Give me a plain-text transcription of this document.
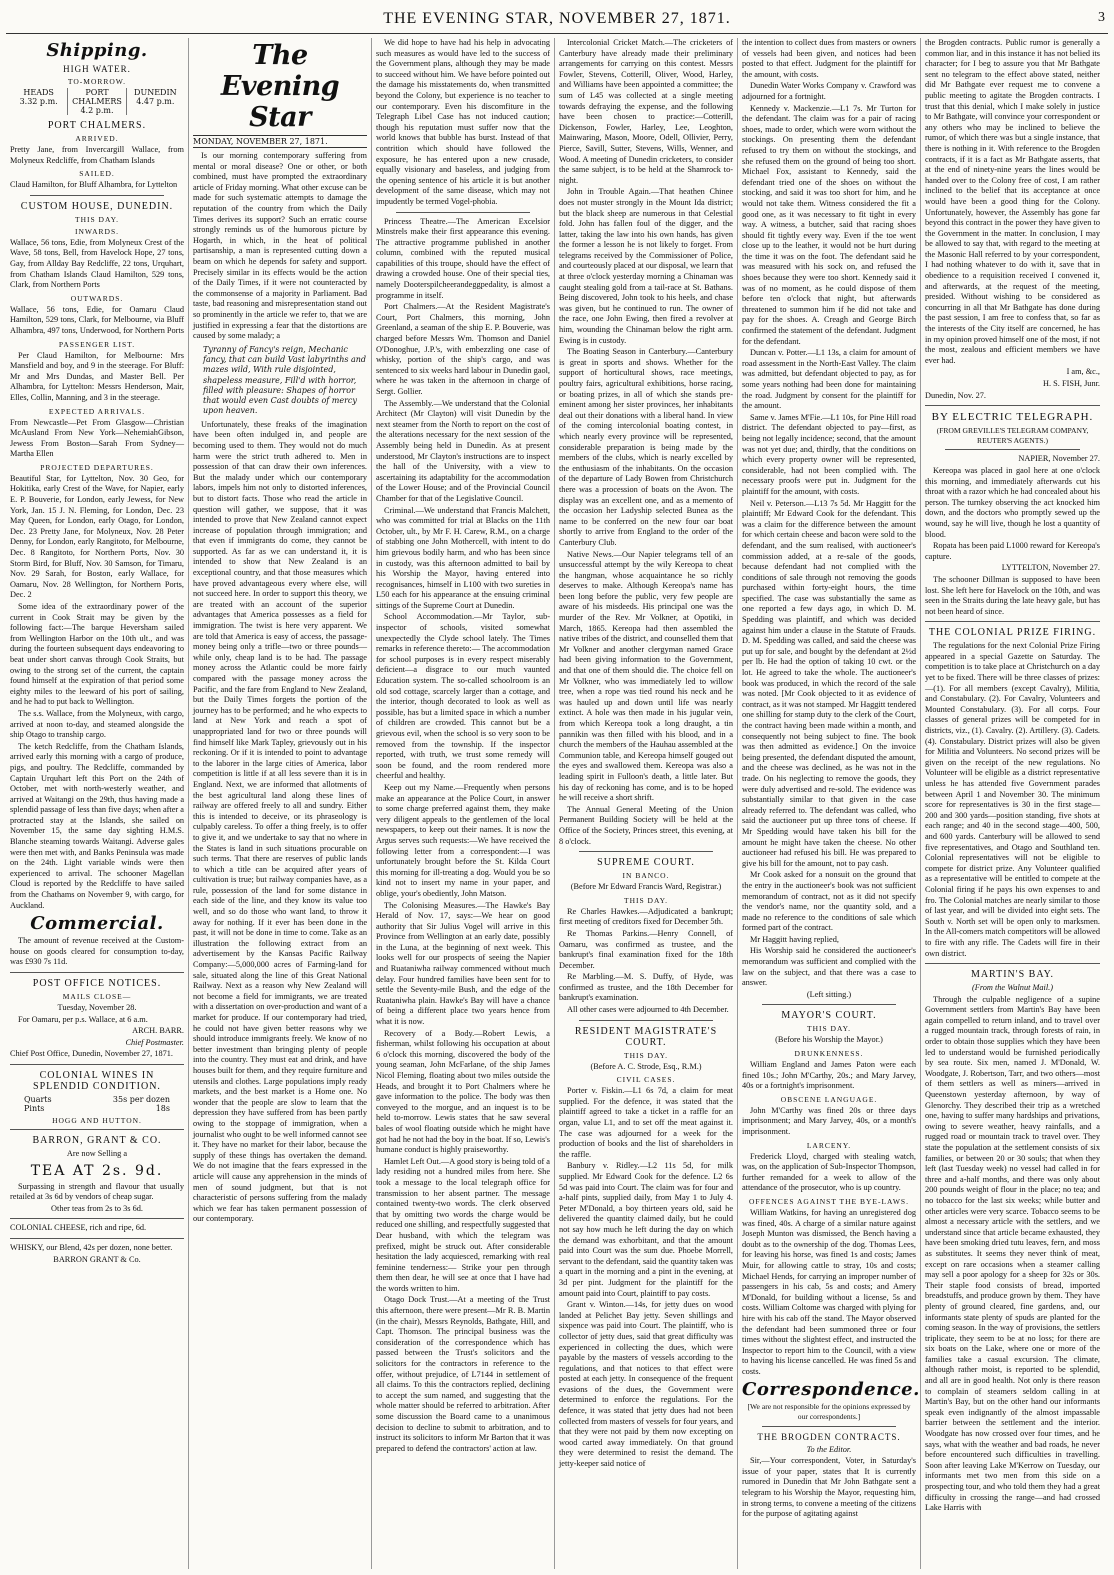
THE EVENING STAR, NOVEMBER 27, 1871.	3
Shipping.
HIGH WATER.
TO-MORROW.
HEADS
3.32 p.m.
PORT CHALMERS
4.2 p.m.
DUNEDIN
4.47 p.m.
PORT CHALMERS.
ARRIVED.

Pretty Jane, from Invercargill Wallace, from Molyneux Redcliffe, from Chatham Islands

SAILED.

Claud Hamilton, for Bluff Alhambra, for Lyttelton

CUSTOM HOUSE, DUNEDIN.
THIS DAY.
INWARDS.

Wallace, 56 tons, Edie, from Molyneux Crest of the Wave, 58 tons, Bell, from Havelock Hope, 27 tons, Gay, from Allday Bay Redcliffe, 22 tons, Urquhart, from Chatham Islands Claud Hamilton, 529 tons, Clark, from Northern Ports

OUTWARDS.

Wallace, 56 tons, Edie, for Oamaru Claud Hamilton, 529 tons, Clark, for Melbourne, via Bluff Alhambra, 497 tons, Underwood, for Northern Ports

PASSENGER LIST.

Per Claud Hamilton, for Melbourne: Mrs Mansfield and boy, and 9 in the steerage. For Bluff: Mr and Mrs Dundas, and Master Bell. Per Alhambra, for Lyttelton: Messrs Henderson, Mair, Elles, Collin, Manning, and 3 in the steerage.

EXPECTED ARRIVALS.

From Newcastle—Pet From Glasgow—Christian McAusland From New York—NehemiahGibson, Jewess From Boston—Sarah From Sydney—Martha Ellen

PROJECTED DEPARTURES.

Beautiful Star, for Lyttelton, Nov. 30 Geo, for Hokitika, early Crest of the Wave, for Napier, early E. P. Bouverie, for London, early Jewess, for New York, Jan. 15 J. N. Fleming, for London, Dec. 23 May Queen, for London, early Otago, for London, Dec. 23 Pretty Jane, for Molyneux, Nov. 28 Peter Denny, for London, early Rangitoto, for Melbourne, Dec. 8 Rangitoto, for Northern Ports, Nov. 30 Storm Bird, for Bluff, Nov. 30 Samson, for Timaru, Nov. 29 Sarah, for Boston, early Wallace, for Oamaru, Nov. 28 Wellington, for Northern Ports, Dec. 2

Some idea of the extraordinary power of the current in Cook Strait may be given by the following fact:—The barque Heversham sailed from Wellington Harbor on the 10th ult., and was during the fourteen subsequent days endeavoring to beat under short canvas through Cook Straits, but owing to the strong set of the current, the captain found himself at the expiration of that period some eighty miles to the leeward of his port of sailing, and he had to put back to Wellington.

The s.s. Wallace, from the Molyneux, with cargo, arrived at noon to-day, and steamed alongside the ship Otago to tranship cargo.

The ketch Redcliffe, from the Chatham Islands, arrived early this morning with a cargo of produce, pigs, and poultry. The Redcliffe, commanded by Captain Urquhart left this Port on the 24th of October, met with north-westerly weather, and arrived at Waitangi on the 29th, thus having made a splendid passage of less than five days; when after a protracted stay at the Islands, she sailed on November 15, the same day sighting H.M.S. Blanche steaming towards Waitangi. Adverse gales were then met with, and Banks Peninsula was made on the 24th. Light variable winds were then experienced to arrival. The schooner Magellan Cloud is reported by the Redcliffe to have sailed from the Chathams on November 9, with cargo, for Auckland.

Commercial.

The amount of revenue received at the Custom-house on goods cleared for consumption to-day, was £930 7s 11d.

POST OFFICE NOTICES.
MAILS CLOSE—

Tuesday, November 28.

For Oamaru, per p.s. Wallace, at 6 a.m.

ARCH. BARR.

Chief Postmaster.

Chief Post Office, Dunedin, November 27, 1871.

COLONIAL WINES IN SPLENDID CONDITION.
Quarts	35s per dozen
Pints	18s
HOGG AND HUTTON.
BARRON, GRANT & CO.

Are now Selling a

TEA AT 2s. 9d.

Surpassing in strength and flavour that usually retailed at 3s 6d by vendors of cheap sugar.

Other teas from 2s to 3s 6d.

COLONIAL CHEESE, rich and ripe, 6d.

WHISKY, our Blend, 42s per dozen, none better.

BARRON GRANT & Co.

The Evening Star
MONDAY, NOVEMBER 27, 1871.

Is our morning contemporary suffering from mental or moral disease? One or other, or both combined, must have prompted the extraordinary article of Friday morning. What other excuse can be made for such systematic attempts to damage the reputation of the country from which the Daily Times derives its support? Such an erratic course strongly reminds us of the humorous picture by Hogarth, in which, in the heat of political partisanship, a man is represented cutting down a beam on which he depends for safety and support. Precisely similar in its effects would be the action of the Daily Times, if it were not counteracted by the commonsense of a majority in Parliament. Bad taste, bad reasoning and misrepresentation stand out so prominently in the article we refer to, that we are justified in expressing a fear that the distortions are caused by some malady; a

Tyranny of Fancy's reign, Mechanic fancy, that can build Vast labyrinths and mazes wild, With rule disjointed, shapeless measure, Fill'd with horror, filled with pleasure: Shapes of horror that would even Cast doubts of mercy upon heaven.

Unfortunately, these freaks of the imagination have been often indulged in, and people are becoming used to them. They would not do much harm were the strict truth adhered to. Men in possession of that can draw their own inferences. But the malady under which our contemporary labors, impels him not only to distorted inferences, but to distort facts. Those who read the article in question will gather, we suppose, that it was intended to prove that New Zealand cannot expect increase of population through immigration; and that even if immigrants do come, they cannot be supported. As far as we can understand it, it is intended to show that New Zealand is an exceptional country, and that those measures which have proved advantageous every where else, will not succeed here. In order to support this theory, we are treated with an account of the superior advantages that America possesses as a field for immigration. The twist is here very apparent. We are told that America is easy of access, the passage-money being only a trifle—two or three pounds—while only, cheap land is to be had. The passage money across the Atlantic could be more fairly compared with the passage money across the Pacific, and the fare from England to New Zealand, but the Daily Times forgets the portion of the journey has to be performed; and he who expects to land at New York and reach a spot of unappropriated land for two or three pounds will find himself like Mark Tapley, grievously out in his reckoning. Or if it is intended to point to advantage to the laborer in the large cities of America, labor competition is little if at all less severe than it is in England. Next, we are informed that allotments of the best agricultural land along these lines of railway are offered freely to all and sundry. Either this is intended to deceive, or its phraseology is culpably careless. To offer a thing freely, is to offer to give it, and we undertake to say that no where in the States is land in such situations procurable on such terms. That there are reserves of public lands to which a title can be acquired after years of cultivation is true; but railway companies have, as a rule, possession of the land for some distance in each side of the line, and they know its value too well, and so do those who want land, to throw it away for nothing. If it ever has been done in the past, it will not be done in time to come. Take as an illustration the following extract from an advertisement by the Kansas Pacific Railway Company:—5,000,000 acres of Farming-land for sale, situated along the line of this Great National Railway. Next as a reason why New Zealand will not become a field for immigrants, we are treated with a dissertation on over-production and want of a market for produce. If our contemporary had tried, he could not have given better reasons why we should introduce immigrants freely. We know of no better investment than bringing plenty of people into the country. They must eat and drink, and have houses built for them, and they require furniture and utensils and clothes. Large populations imply ready markets, and the best market is a Home one. No wonder that the people are slow to learn that the depression they have suffered from has been partly owing to the stoppage of immigration, when a journalist who ought to be well informed cannot see it. They have no market for their labor, because the supply of these things has overtaken the demand. We do not imagine that the fears expressed in the article will cause any apprehension in the minds of men of sound judgment, but that is not characteristic of persons suffering from the malady which we fear has taken permanent possession of our contemporary.

We did hope to have had his help in advocating such measures as would have led to the success of the Government plans, although they may be made to succeed without him. We have before pointed out the damage his misstatements do, when transmitted beyond the Colony, but experience is no teacher to our contemporary. Even his discomfiture in the Telegraph Libel Case has not induced caution; though his reputation must suffer now that the world knows that bubble has burst. Instead of that contrition which should have followed the exposure, he has entered upon a new crusade, equally visionary and baseless, and judging from the opening sentence of his article it is but another development of the same disease, which may not impudently be termed Vogel-phobia.

Princess Theatre.—The American Excelsior Minstrels make their first appearance this evening. The attractive programme published in another column, combined with the reputed musical capabilities of this troupe, should have the effect of drawing a crowded house. One of their special ties, namely Dooterspilcheerandeggpedality, is almost a programme in itself.

Port Chalmers.—At the Resident Magistrate's Court, Port Chalmers, this morning, John Greenland, a seaman of the ship E. P. Bouverie, was charged before Messrs Wm. Thomson and Daniel O'Donoghue, J.P.'s, with embezzling one case of whisky, portion of the ship's cargo, and was sentenced to six weeks hard labour in Dunedin gaol, where he was taken in the afternoon in charge of Sergt. Gollier.

The Assembly.—We understand that the Colonial Architect (Mr Clayton) will visit Dunedin by the next steamer from the North to report on the cost of the alterations necessary for the next session of the Assembly being held in Dunedin. As at present understood, Mr Clayton's instructions are to inspect the hall of the University, with a view to ascertaining its adaptability for the accommodation of the Lower House; and of the Provincial Council Chamber for that of the Legislative Council.

Criminal.—We understand that Francis Malchett, who was committed for trial at Blacks on the 11th October, ult., by Mr F. H. Carew, R.M., on a charge of stabbing one John Mothercell, with intent to do him grievous bodily harm, and who has been since in custody, was this afternoon admitted to bail by his Worship the Mayor, having entered into recognisances, himself in L100 with two sureties in L50 each for his appearance at the ensuing criminal sittings of the Supreme Court at Dunedin.

School Accommodation.—Mr Taylor, sub-inspector of schools, visited somewhat unexpectedly the Clyde school lately. The Times remarks in reference thereto:— The accommodation for school purposes is in every respect miserably deficient—a disgrace to our much vaunted Education system. The so-called schoolroom is an old sod cottage, scarcely larger than a cottage, and the interior, though decorated to look as well as possible, has but a limited space in which a number of children are crowded. This cannot but be a grievous evil, when the school is so very soon to be removed from the township. If the inspector reported, with truth, we trust some remedy will soon be found, and the room rendered more cheerful and healthy.

Keep out my Name.—Frequently when persons make an appearance at the Police Court, in answer to some charge preferred against them, they make very diligent appeals to the gentlemen of the local newspapers, to keep out their names. It is now the Argus serves such requests:—We have received the following letter from a correspondent:—I was unfortunately brought before the St. Kilda Court this morning for ill-treating a dog. Would you be so kind not to insert my name in your paper, and oblige, your's obediently, John Matson.

The Colonising Measures.—The Hawke's Bay Herald of Nov. 17, says:—We hear on good authority that Sir Julius Vogel will arrive in this Province from Wellington at an early date, possibly in the Luna, at the beginning of next week. This looks well for our prospects of seeing the Napier and Ruataniwha railway commenced without much delay. Four hundred families have been sent for to settle the Seventy-mile Bush, and the edge of the Ruataniwha plain. Hawke's Bay will have a chance of being a different place two years hence from what it is now.

Recovery of a Body.—Robert Lewis, a fisherman, whilst following his occupation at about 6 o'clock this morning, discovered the body of the young seaman, John McFarlane, of the ship James Nicol Fleming, floating about two miles outside the Heads, and brought it to Port Chalmers where he gave information to the police. The body was then conveyed to the morgue, and an inquest is to be held to-morrow. Lewis states that he saw several bales of wool floating outside which he might have got had he not had the boy in the boat. If so, Lewis's humane conduct is highly praiseworthy.

Hamlet Left Out.—A good story is being told of a lady residing not a hundred miles from here. She took a message to the local telegraph office for transmission to her absent partner. The message contained twenty-two words. The clerk observed that by omitting two words the charge would be reduced one shilling, and respectfully suggested that Dear husband, with which the telegram was prefixed, might be struck out. After considerable hesitation the lady acquiesced, remarking with real feminine tenderness:— Strike your pen through them then dear, he will see at once that I have had the words written to him.

Otago Dock Trust.—At a meeting of the Trust this afternoon, there were present—Mr R. B. Martin (in the chair), Messrs Reynolds, Bathgate, Hill, and Capt. Thomson. The principal business was the consideration of the correspondence which has passed between the Trust's solicitors and the solicitors for the contractors in reference to the offer, without prejudice, of L7144 in settlement of all claims. To this the contractors replied, declining to accept the sum named, and suggesting that the whole matter should be referred to arbitration. After some discussion the Board came to a unanimous decision to decline to submit to arbitration, and to instruct its solicitors to inform Mr Barton that it was prepared to defend the contractors' action at law.

Intercolonial Cricket Match.—The cricketers of Canterbury have already made their preliminary arrangements for carrying on this contest. Messrs Fowler, Stevens, Cotterill, Oliver, Wood, Harley, and Williams have been appointed a committee; the sum of L45 was collected at a single meeting towards defraying the expense, and the following have been chosen to practice:—Cotterill, Dickenson, Fowler, Harley, Lee, Leoghton, Mainwaring, Mason, Moore, Odell, Ollivier, Perry, Pierce, Savill, Sutter, Stevens, Wills, Wenner, and Wood. A meeting of Dunedin cricketers, to consider the same subject, is to be held at the Shamrock to-night.

John in Trouble Again.—That heathen Chinee does not muster strongly in the Mount Ida district; but the black sheep are numerous in that Celestial fold. John has fallen foul of the digger, and the latter, taking the law into his own hands, has given the former a lesson he is not likely to forget. From telegrams received by the Commissioner of Police, and courteously placed at our disposal, we learn that at three o'clock yesterday morning a Chinaman was caught stealing gold from a tail-race at St. Bathans. Being discovered, John took to his heels, and chase was given, but he continued to run. The owner of the race, one John Ewing, then fired a revolver at him, wounding the Chinaman below the right arm. Ewing is in custody.

The Boating Season in Canterbury.—Canterbury is great in sports and shows. Whether for the support of horticultural shows, race meetings, poultry fairs, agricultural exhibitions, horse racing, or boating prizes, in all of which she stands pre-eminent among her sister provinces, her inhabitants deal out their donations with a liberal hand. In view of the coming intercolonial boating contest, in which nearly every province will be represented, considerable preparation is being made by the members of the clubs, which is nearly excelled by the enthusiasm of the inhabitants. On the occasion of the departure of Lady Bowen from Christchurch there was a procession of boats on the Avon. The display was an excellent one, and as a memento of the occasion her Ladyship selected Bunea as the name to be conferred on the new four oar boat shortly to arrive from England to the order of the Canterbury Club.

Native News.—Our Napier telegrams tell of an unsuccessful attempt by the wily Kereopa to cheat the hangman, whose acquaintance he so richly deserves to make. Although Kereopa's name has been long before the public, very few people are aware of his misdeeds. His principal one was the murder of the Rev. Mr Volkner, at Opotiki, in March, 1865. Kereopa had then assembled the native tribes of the district, and counselled them that Mr Volkner and another clergyman named Grace had been giving information to the Government, and that one of them should die. The choice fell on Mr Volkner, who was immediately led to willow tree, when a rope was tied round his neck and he was hauled up and down until life was nearly extinct. A hole was then made in his jugular vein, from which Kereopa took a long draught, a tin pannikin was then filled with his blood, and in a church the members of the Hauhau assembled at the Communion table, and Kereopa himself gouged out the eyes and swallowed them. Kereopa was also a leading spirit in Fulloon's death, a little later. But his day of reckoning has come, and is to be hoped he will receive a short shrift.

The Annual General Meeting of the Union Permanent Building Society will be held at the Office of the Society, Princes street, this evening, at 8 o'clock.

SUPREME COURT.
IN BANCO.

(Before Mr Edward Francis Ward, Registrar.)

THIS DAY.

Re Charles Hawkes.—Adjudicated a bankrupt; first meeting of creditors fixed for December 5th.

Re Thomas Parkins.—Henry Connell, of Oamaru, was confirmed as trustee, and the bankrupt's final examination fixed for the 18th December.

Re Marbling.—M. S. Duffy, of Hyde, was confirmed as trustee, and the 18th December for bankrupt's examination.

All other cases were adjourned to 4th December.

RESIDENT MAGISTRATE'S COURT.
THIS DAY.

(Before A. C. Strode, Esq., R.M.)

CIVIL CASES.

Porter v. Fiskin.—L1 6s 7d, a claim for meat supplied. For the defence, it was stated that the plaintiff agreed to take a ticket in a raffle for an organ, value L1, and to set off the meat against it. The case was adjourned for a week for the production of books and the list of shareholders in the raffle.

Banbury v. Ridley.—L2 11s 5d, for milk supplied. Mr Edward Cook for the defence. L2 6s 5d was paid into Court. The claim was for four and a-half pints, supplied daily, from May 1 to July 4. Peter M'Donald, a boy thirteen years old, said he delivered the quantity claimed daily, but he could not say how much he left during the day on which the demand was exhorbitant, and that the amount paid into Court was the sum due. Phoebe Morrell, servant to the defendant, said the quantity taken was a quart in the morning and a pint in the evening, at 3d per pint. Judgment for the plaintiff for the amount paid into Court, plaintiff to pay costs.

Grant v. Winton.—14s, for jetty dues on wood landed at Pelichet Bay jetty. Seven shillings and sixpence was paid into Court. The plaintiff, who is collector of jetty dues, said that great difficulty was experienced in collecting the dues, which were payable by the masters of vessels according to the regulations, and that notices to that effect were posted at each jetty. In consequence of the frequent evasions of the dues, the Government were determined to enforce the regulations. For the defence, it was stated that jetty dues had not been collected from masters of vessels for four years, and that they were not paid by them now excepting on wood carted away immediately. On that ground they were determined to resist the demand. The jetty-keeper said notice of

the intention to collect dues from masters or owners of vessels had been given, and notices had been posted to that effect. Judgment for the plaintiff for the amount, with costs.

Dunedin Water Works Company v. Crawford was adjourned for a fortnight.

Kennedy v. Mackenzie.—L1 7s. Mr Turton for the defendant. The claim was for a pair of racing shoes, made to order, which were worn without the stockings. On presenting them the defendant refused to try them on without the stockings, and she refused them on the ground of being too short. Michael Fox, assistant to Kennedy, said the defendant tried one of the shoes on without the stocking, and said it was too short for him, and he would not take them. Witness considered the fit a good one, as it was necessary to fit tight in every way. A witness, a butcher, said that racing shoes should fit tightly every way. Even if the toe went close up to the leather, it would not be hurt during the time it was on the foot. The defendant said he was measured with his sock on, and refused the shoes because they were too short. Kennedy said it was of no moment, as he could dispose of them before ten o'clock that night, but afterwards threatened to summon him if he did not take and pay for the shoes. A. Creagh and George Birch confirmed the statement of the defendant. Judgment for the defendant.

Duncan v. Potter.—L1 13s, a claim for amount of road assessment in the North-East Valley. The claim was admitted, but defendant objected to pay, as for some years nothing had been done for maintaining the road. Judgment by consent for the plaintiff for the amount.

Same v. James M'Fie.—L1 10s, for Pine Hill road district. The defendant objected to pay—first, as being not legally incidence; second, that the amount was not yet due; and, thirdly, that the conditions on which every property owner will be represented, considerable, had not been complied with. The necessary proofs were put in. Judgment for the plaintiff for the amount, with costs.

Neil v. Peterson.—L13 7s 5d. Mr Haggitt for the plaintiff; Mr Edward Cook for the defendant. This was a claim for the difference between the amount for which certain cheese and bacon were sold to the defendant, and the sum realised, with auctioneer's commission added, at a re-sale of the goods, because defendant had not complied with the conditions of sale through not removing the goods purchased within forty-eight hours, the time specified. The case was substantially the same as one reported a few days ago, in which D. M. Spedding was plaintiff, and which was decided against him under a clause in the Statute of Frauds. D. M. Spedding was called, and said the cheese was put up for sale, and bought by the defendant at 2½d per lb. He had the option of taking 10 cwt. or the lot. He agreed to take the whole. The auctioneer's book was produced, in which the record of the sale was noted. [Mr Cook objected to it as evidence of contract, as it was not stamped. Mr Haggitt tendered one shilling for stamp duty to the clerk of the Court, the contract having been made within a month, and consequently not being subject to fine. The book was then admitted as evidence.] On the invoice being presented, the defendant disputed the amount, and the cheese was declined, as he was not in the trade. On his neglecting to remove the goods, they were duly advertised and re-sold. The evidence was substantially similar to that given in the case already referred to. The defendant was called, who said the auctioneer put up three tons of cheese. If Mr Spedding would have taken his bill for the amount he might have taken the cheese. No other auctioneer had refused his bill. He was prepared to give his bill for the amount, not to pay cash.

Mr Cook asked for a nonsuit on the ground that the entry in the auctioneer's book was not sufficient memorandum of contract, not as it did not specify the vendor's name, nor the quantity sold, and a made no reference to the conditions of sale which formed part of the contract.

Mr Haggitt having replied,

His Worship said he considered the auctioneer's memorandum was sufficient and complied with the law on the subject, and that there was a case to answer.

(Left sitting.)

MAYOR'S COURT.
THIS DAY.

(Before his Worship the Mayor.)

DRUNKENNESS.

William England and James Paton were each fined 10s.; John M'Carthy, 20s.; and Mary Jarvey, 40s or a fortnight's imprisonment.

OBSCENE LANGUAGE.

John M'Carthy was fined 20s or three days imprisonment; and Mary Jarvey, 40s, or a month's imprisonment.

LARCENY.

Frederick Lloyd, charged with stealing watch, was, on the application of Sub-Inspector Thompson, further remanded for a week to allow of the attendance of the prosecutor, who is up country.

OFFENCES AGAINST THE BYE-LAWS.

William Watkins, for having an unregistered dog was fined, 40s. A charge of a similar nature against Joseph Munton was dismissed, the Bench having a doubt as to the ownership of the dog. Thomas Lees, for leaving his horse, was fined 1s and costs; James Muir, for allowing cattle to stray, 10s and costs; Michael Hends, for carrying an improper number of passengers in his cab, 5s and costs; and Amery M'Donald, for building without a license, 5s and costs. William Coltome was charged with plying for hire with his cab off the stand. The Mayor observed the defendant had been summoned three or four times without the slightest effect, and instructed the Inspector to report him to the Council, with a view to having his license cancelled. He was fined 5s and costs.

Correspondence.

[We are not responsible for the opinions expressed by our correspondents.]

THE BROGDEN CONTRACTS.

To the Editor.

Sir,—Your correspondent, Voter, in Saturday's issue of your paper, states that It is currently rumored in Dunedin that Mr John Bathgate sent a telegram to his Worship the Mayor, requesting him, in strong terms, to convene a meeting of the citizens for the purpose of agitating against

the Brogden contracts. Public rumor is generally a common liar, and in this instance it has not belied its character; for I beg to assure you that Mr Bathgate sent no telegram to the effect above stated, neither did Mr Bathgate ever request me to convene a public meeting to agitate the Brogden contracts. I trust that this denial, which I make solely in justice to Mr Bathgate, will convince your correspondent or any others who may be inclined to believe the rumor, of which there was but a single instance, that there is nothing in it. With reference to the Brogden contracts, if it is a fact as Mr Bathgate asserts, that at the end of ninety-nine years the lines would be handed over to the Colony free of cost, I am rather inclined to the belief that its acceptance at once would have been a good thing for the Colony. Unfortunately, however, the Assembly has gone far beyond this contract in the power they have given to the Government in the matter. In conclusion, I may be allowed to say that, with regard to the meeting at the Masonic Hall referred to by your correspondent, I had nothing whatever to do with it, save that in obedience to a requisition received I convened it, and afterwards, at the request of the meeting, presided. Without wishing to be considered as concurring in all that Mr Bathgate has done during the past session, I am free to confess that, so far as the interests of the City itself are concerned, he has in my opinion proved himself one of the most, if not the most, zealous and efficient members we have ever had.

I am, &c.,

H. S. FISH, Junr.

Dunedin, Nov. 27.

BY ELECTRIC TELEGRAPH.

(FROM GREVILLE'S TELEGRAM COMPANY, REUTER'S AGENTS.)

NAPIER, November 27.

Kereopa was placed in gaol here at one o'clock this morning, and immediately afterwards cut his throat with a razor which he had concealed about his person. The turnkey observing the act knocked him down, and the doctors who promptly sewed up the wound, say he will live, though he lost a quantity of blood.

Ropata has been paid L1000 reward for Kereopa's capture.

LYTTELTON, November 27.

The schooner Dillman is supposed to have been lost. She left here for Havelock on the 10th, and was seen in the Straits during the late heavy gale, but has not been heard of since.

THE COLONIAL PRIZE FIRING.

The regulations for the next Colonial Prize Firing appeared in a special Gazette on Saturday. The competition is to take place at Christchurch on a day yet to be fixed. There will be three classes of prizes:—(1). For all members (except Cavalry), Militia, and Constabulary. (2). For Cavalry, Volunteers and Mounted Constabulary. (3). For all corps. Four classes of general prizes will be competed for in districts, viz., (1). Cavalry. (2). Artillery. (3). Cadets. (4). Constabulary. District prizes will also be given for Militia and Volunteers. No second prizes will be given on the receipt of the new regulations. No Volunteer will be eligible as a district representative unless he has attended five Government parades between April 1 and November 30. The minimum score for representatives is 30 in the first stage—200 and 300 yards—position standing, five shots at each range; and 40 in the second stage—400, 500, and 600 yards. Canterbury will be allowed to send five representatives, and Otago and Southland ten. Colonial representatives will not be eligible to compete for district prize. Any Volunteer qualified as a representative will be entitled to compete at the Colonial firing if he pays his own expenses to and fro. The Colonial matches are nearly similar to those of last year, and will be divided into eight sets. The South v. North set will be open only to marksmen. In the All-comers match competitors will be allowed to fire with any rifle. The Cadets will fire in their own district.

MARTIN'S BAY.

(From the Walnut Mail.)

Through the culpable negligence of a supine Government settlers from Martin's Bay have been again compelled to return inland, and to travel over a rugged mountain track, through forests of rain, in order to obtain those supplies which they have been led to understand would be furnished periodically by sea route. Six men, named J. M'Donald, W. Woodgate, J. Robertson, Tarr, and two others—most of them settlers as well as miners—arrived in Queenstown yesterday afternoon, by way of Glenorchy. They described their trip as a wretched one, having to suffer many hardships and privations, owing to severe weather, heavy rainfalls, and a rugged road or mountain track to travel over. They state the population at the settlement consists of six families, or between 20 or 30 souls; that when they left (last Tuesday week) no vessel had called in for three and a-half months, and there was only about 200 pounds weight of flour in the place; no tea; and no tobacco for the last six weeks; while butter and other articles were very scarce. Tobacco seems to be almost a necessary article with the settlers, and we understand since that article became exhausted, they have been smoking dried tutu leaves, fern, and moss as substitutes. It seems they never think of meat, except on rare occasions when a steamer calling may sell a poor apology for a sheep for 32s or 30s. Their staple food consists of bread, imported breadstuffs, and produce grown by them. They have plenty of ground cleared, fine gardens, and, our informants state plenty of spuds are planted for the coming season. In the way of provisions, the settlers triplicate, they seem to be at no loss; for there are six boats on the Lake, where one or more of the families take a casual excursion. The climate, although rather moist, is reported to be splendid, and all are in good health. Not only is there reason to complain of steamers seldom calling in at Martin's Bay, but on the other hand our informants speak even indignantly of the almost impassable barrier between the settlement and the interior. Woodgate has now crossed over four times, and he says, what with the weather and bad roads, he never before encountered such difficulties in travelling. Soon after leaving Lake M'Kerrow on Tuesday, our informants met two men from this side on a prospecting tour, and who told them they had a great difficulty in crossing the range—and had crossed Lake Harris with
